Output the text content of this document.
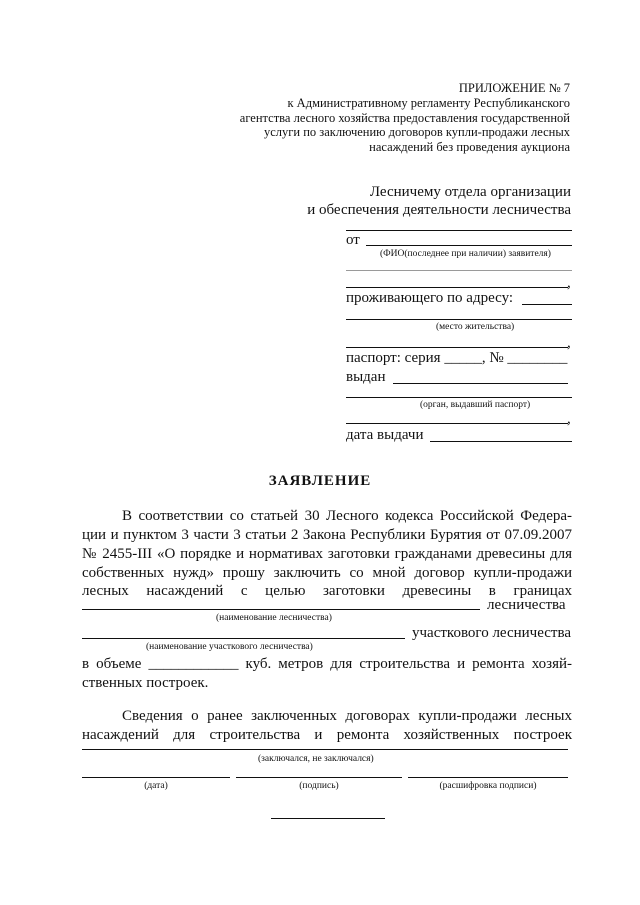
ПРИЛОЖЕНИЕ № 7
к Административному регламенту Республиканского
агентства лесного хозяйства предоставления государственной
услуги по заключению договоров купли-продажи лесных
насаждений без проведения аукциона
Лесничему отдела организации
и обеспечения деятельности лесничества
от
(ФИО(последнее при наличии) заявителя)
,
проживающего по адресу:
(место жительства)
,
паспорт: серия _____, № ________
выдан
(орган, выдавший паспорт)
,
дата выдачи
ЗАЯВЛЕНИЕ
В соответствии со статьей 30 Лесного кодекса Российской Федера-
ции и пунктом 3 части 3 статьи 2 Закона Республики Бурятия от 07.09.2007
№ 2455-III «О порядке и нормативах заготовки гражданами древесины для
собственных нужд» прошу заключить со мной договор купли-продажи
лесных насаждений с целью заготовки древесины в границах
лесничества
(наименование лесничества)
участкового лесничества
(наименование участкового лесничества)
в объеме ____________ куб. метров для строительства и ремонта хозяй-
ственных построек.
Сведения о ранее заключенных договорах купли-продажи лесных
насаждений для строительства и ремонта хозяйственных построек
(заключался, не заключался)
(дата)	(подпись)	(расшифровка подписи)
